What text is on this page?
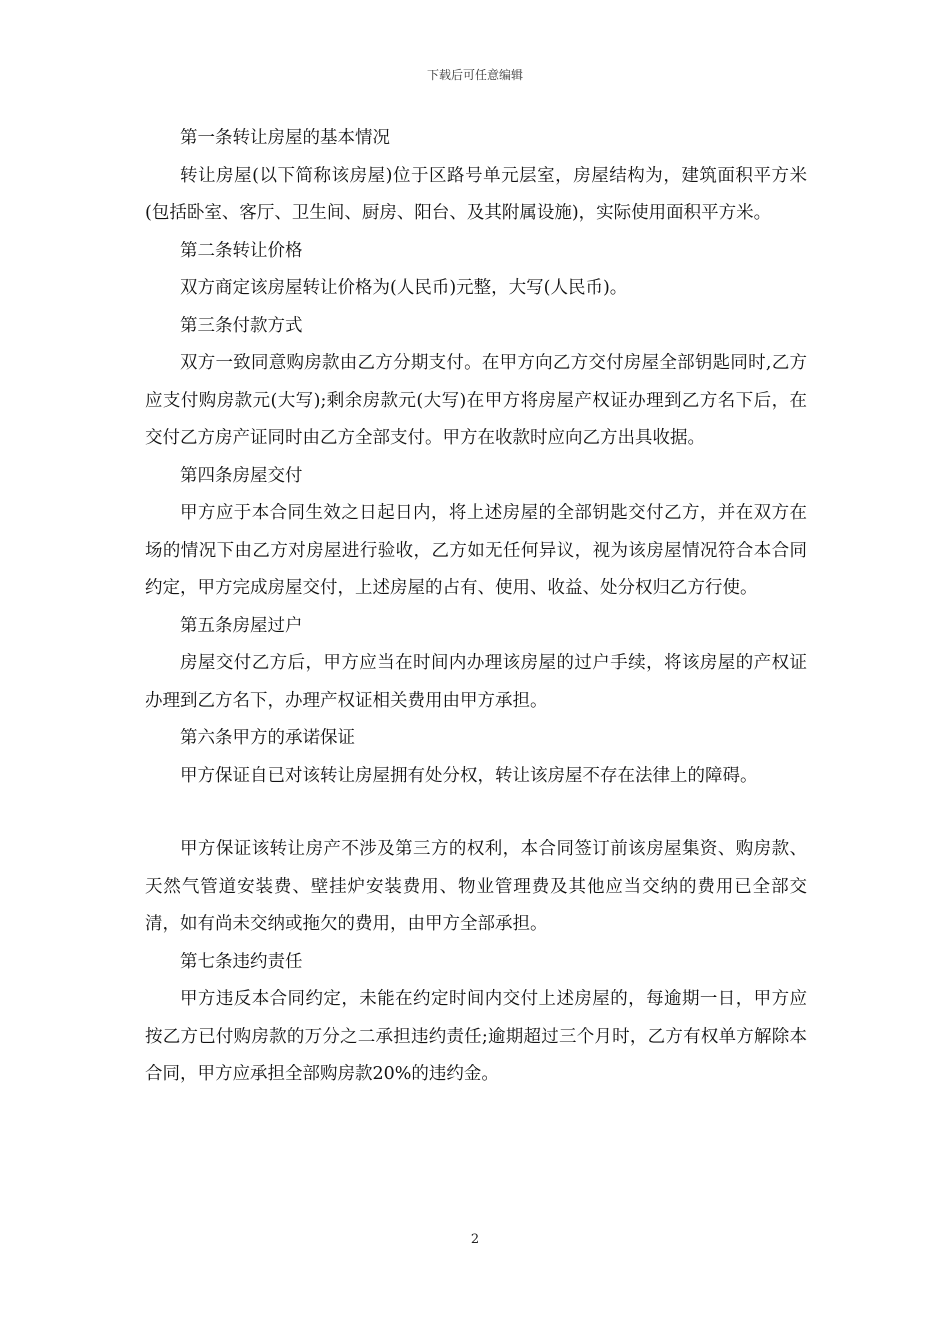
下载后可任意编辑

第一条转让房屋的基本情况

转让房屋(以下简称该房屋)位于区路号单元层室，房屋结构为，建筑面积平方米(包括卧室、客厅、卫生间、厨房、阳台、及其附属设施)，实际使用面积平方米。

第二条转让价格

双方商定该房屋转让价格为(人民币)元整，大写(人民币)。

第三条付款方式

双方一致同意购房款由乙方分期支付。在甲方向乙方交付房屋全部钥匙同时,乙方应支付购房款元(大写);剩余房款元(大写)在甲方将房屋产权证办理到乙方名下后，在交付乙方房产证同时由乙方全部支付。甲方在收款时应向乙方出具收据。

第四条房屋交付

甲方应于本合同生效之日起日内，将上述房屋的全部钥匙交付乙方，并在双方在场的情况下由乙方对房屋进行验收，乙方如无任何异议，视为该房屋情况符合本合同约定，甲方完成房屋交付，上述房屋的占有、使用、收益、处分权归乙方行使。

第五条房屋过户

房屋交付乙方后，甲方应当在时间内办理该房屋的过户手续，将该房屋的产权证办理到乙方名下，办理产权证相关费用由甲方承担。

第六条甲方的承诺保证

甲方保证自已对该转让房屋拥有处分权，转让该房屋不存在法律上的障碍。

甲方保证该转让房产不涉及第三方的权利，本合同签订前该房屋集资、购房款、天然气管道安装费、壁挂炉安装费用、物业管理费及其他应当交纳的费用已全部交清，如有尚未交纳或拖欠的费用，由甲方全部承担。

第七条违约责任

甲方违反本合同约定，未能在约定时间内交付上述房屋的，每逾期一日，甲方应按乙方已付购房款的万分之二承担违约责任;逾期超过三个月时，乙方有权单方解除本合同，甲方应承担全部购房款20%的违约金。

2
